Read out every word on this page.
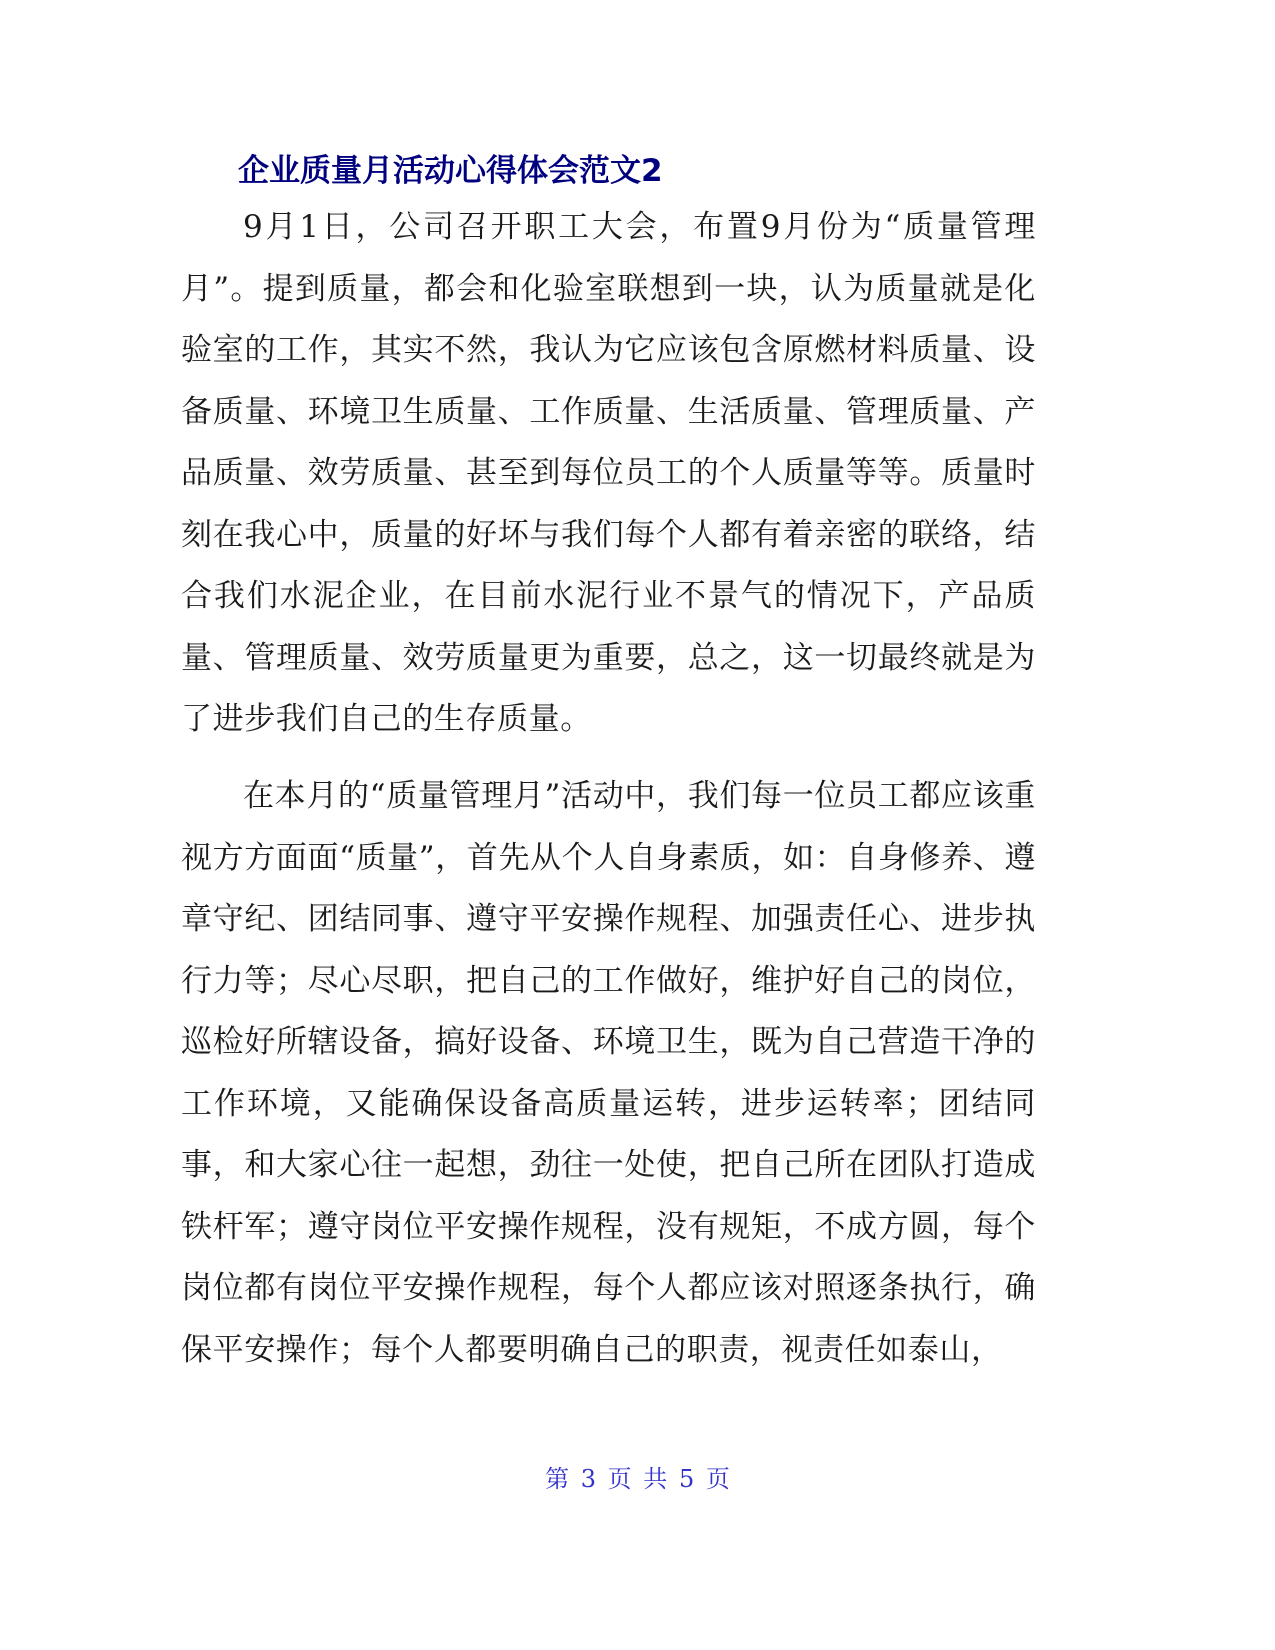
企业质量月活动心得体会范文2

9月1日，公司召开职工大会，布置9月份为“质量管理月”。提到质量，都会和化验室联想到一块，认为质量就是化验室的工作，其实不然，我认为它应该包含原燃材料质量、设备质量、环境卫生质量、工作质量、生活质量、管理质量、产品质量、效劳质量、甚至到每位员工的个人质量等等。质量时刻在我心中，质量的好坏与我们每个人都有着亲密的联络，结合我们水泥企业，在目前水泥行业不景气的情况下，产品质量、管理质量、效劳质量更为重要，总之，这一切最终就是为了进步我们自己的生存质量。

在本月的“质量管理月”活动中，我们每一位员工都应该重视方方面面“质量”，首先从个人自身素质，如：自身修养、遵章守纪、团结同事、遵守平安操作规程、加强责任心、进步执行力等；尽心尽职，把自己的工作做好，维护好自己的岗位，巡检好所辖设备，搞好设备、环境卫生，既为自己营造干净的工作环境，又能确保设备高质量运转，进步运转率；团结同事，和大家心往一起想，劲往一处使，把自己所在团队打造成铁杆军；遵守岗位平安操作规程，没有规矩，不成方圆，每个岗位都有岗位平安操作规程，每个人都应该对照逐条执行，确保平安操作；每个人都要明确自己的职责，视责任如泰山，

第 3 页 共 5 页
